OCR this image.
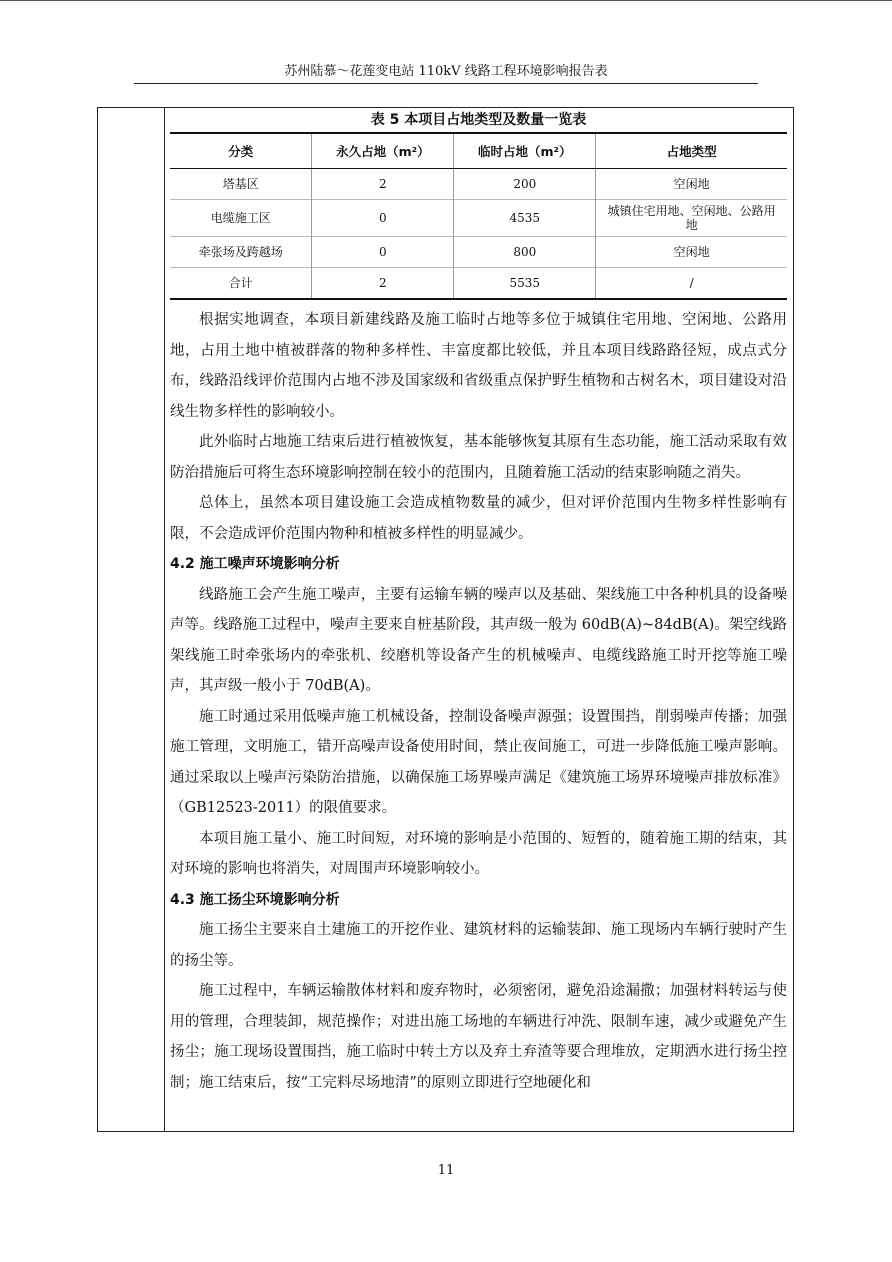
苏州陆慕～花莲变电站 110kV 线路工程环境影响报告表
表 5 本项目占地类型及数量一览表
分类	永久占地（m²）	临时占地（m²）	占地类型
塔基区	2	200	空闲地
电缆施工区	0	4535	城镇住宅用地、空闲地、公路用地
牵张场及跨越场	0	800	空闲地
合计	2	5535	/

根据实地调查，本项目新建线路及施工临时占地等多位于城镇住宅用地、空闲地、公路用地，占用土地中植被群落的物种多样性、丰富度都比较低，并且本项目线路路径短，成点式分布，线路沿线评价范围内占地不涉及国家级和省级重点保护野生植物和古树名木，项目建设对沿线生物多样性的影响较小。

此外临时占地施工结束后进行植被恢复，基本能够恢复其原有生态功能，施工活动采取有效防治措施后可将生态环境影响控制在较小的范围内，且随着施工活动的结束影响随之消失。

总体上，虽然本项目建设施工会造成植物数量的减少，但对评价范围内生物多样性影响有限，不会造成评价范围内物种和植被多样性的明显减少。

4.2 施工噪声环境影响分析

线路施工会产生施工噪声，主要有运输车辆的噪声以及基础、架线施工中各种机具的设备噪声等。线路施工过程中，噪声主要来自桩基阶段，其声级一般为 60dB(A)~84dB(A)。架空线路架线施工时牵张场内的牵张机、绞磨机等设备产生的机械噪声、电缆线路施工时开挖等施工噪声，其声级一般小于 70dB(A)。

施工时通过采用低噪声施工机械设备，控制设备噪声源强；设置围挡，削弱噪声传播；加强施工管理，文明施工，错开高噪声设备使用时间，禁止夜间施工，可进一步降低施工噪声影响。通过采取以上噪声污染防治措施，以确保施工场界噪声满足《建筑施工场界环境噪声排放标准》（GB12523-2011）的限值要求。

本项目施工量小、施工时间短，对环境的影响是小范围的、短暂的，随着施工期的结束，其对环境的影响也将消失，对周围声环境影响较小。

4.3 施工扬尘环境影响分析

施工扬尘主要来自土建施工的开挖作业、建筑材料的运输装卸、施工现场内车辆行驶时产生的扬尘等。

施工过程中，车辆运输散体材料和废弃物时，必须密闭，避免沿途漏撒；加强材料转运与使用的管理，合理装卸，规范操作；对进出施工场地的车辆进行冲洗、限制车速，减少或避免产生扬尘；施工现场设置围挡，施工临时中转土方以及弃土弃渣等要合理堆放，定期洒水进行扬尘控制；施工结束后，按“工完料尽场地清”的原则立即进行空地硬化和

11
